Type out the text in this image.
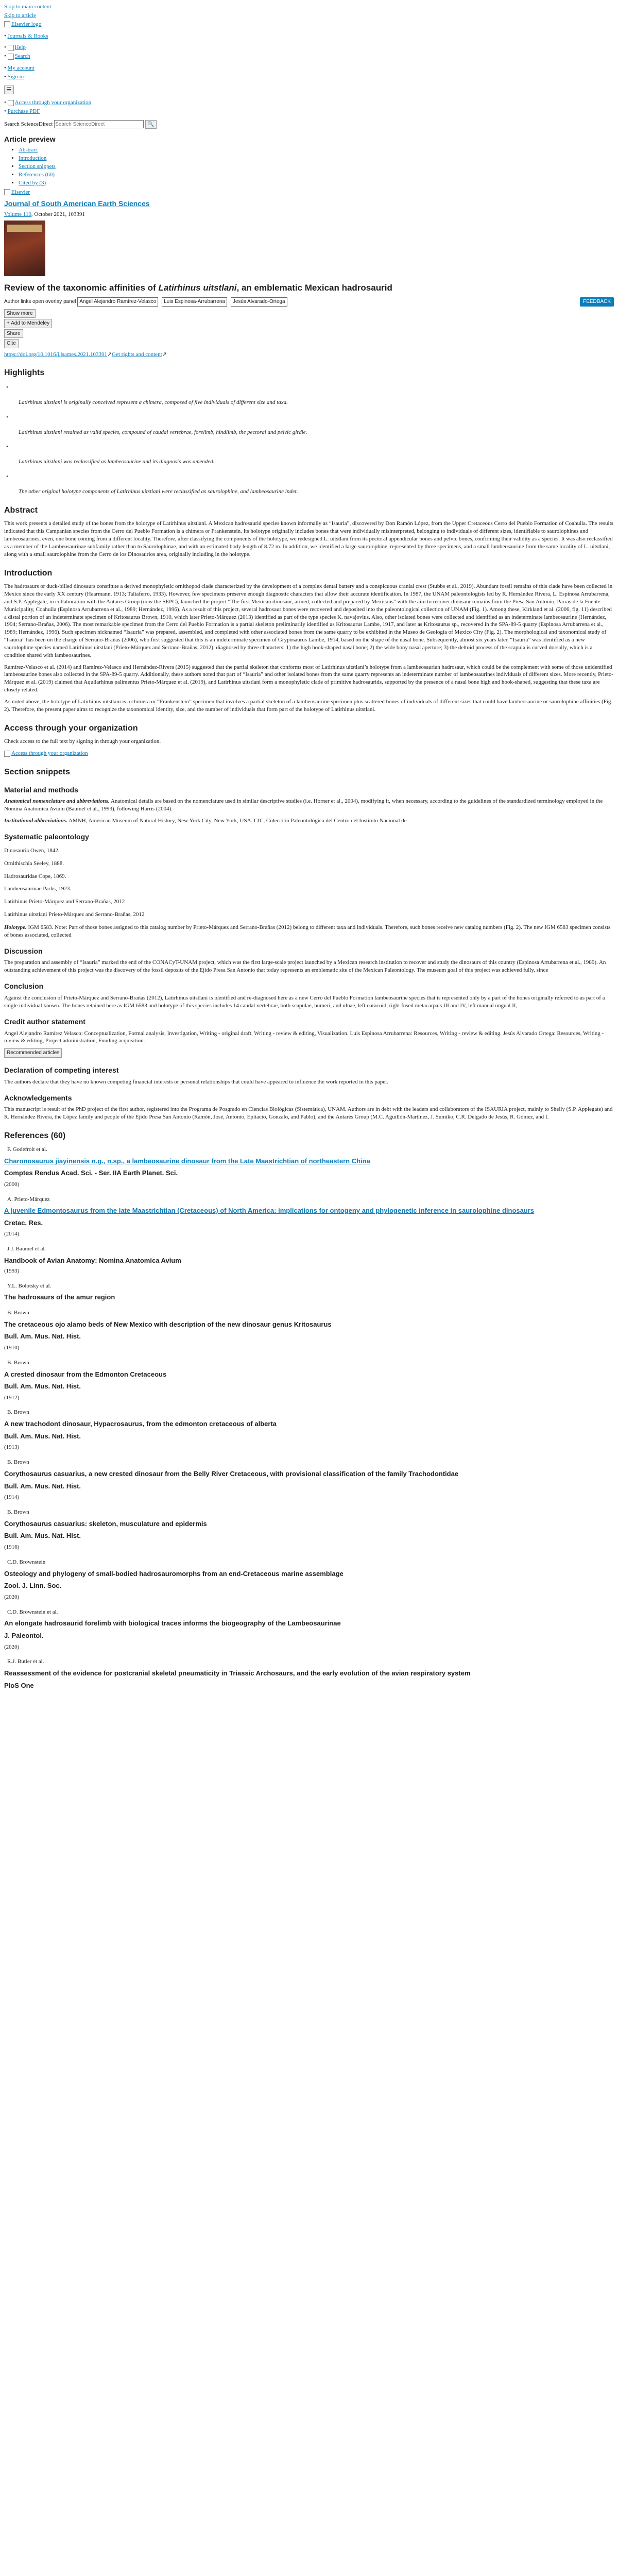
Skip to main content
Skip to article
Elsevier logo
• Journals & Books
• Help
• Search
• My account
• Sign in
☰
• Access through your organization
• Purchase PDF
Search ScienceDirect Search ScienceDirect	🔍
Article preview
• Abstract
• Introduction
• Section snippets
• References (60)
• Cited by (3)
Elsevier
Journal of South American Earth Sciences
Volume 110, October 2021, 103391
Review of the taxonomic affinities of Latirhinus uitstlani, an emblematic Mexican hadrosaurid
Author links open overlay panel Angel Alejandro Ramírez-Velasco Luis Espinosa-Arrubarrena Jesús Alvarado-Ortega	FEEDBACK
Show more
+ Add to Mendeley
Share
Cite
https://doi.org/10.1016/j.jsames.2021.103391↗Get rights and content↗
Highlights
•
Latirhinus uitstlani is originally conceived represent a chimera, composed of five individuals of different size and taxa.
•
Latirhinus uitstlani retained as valid species, compound of caudal vertebrae, forelimb, hindlimb, the pectoral and pelvic girdle.
•
Latirhinus uitstlani was reclassified as lambeosaurine and its diagnosis was amended.
•
The other original holotype components of Latirhinus uitstlani were reclassified as saurolophine, and lambeosaurine indet.
Abstract

This work presents a detailed study of the bones from the holotype of Latirhinus uitstlani. A Mexican hadrosaurid species known informally as “Isauria”, discovered by Don Ramón López, from the Upper Cretaceous Cerro del Pueblo Formation of Coahuila. The results indicated that this Campanian species from the Cerro del Pueblo Formation is a chimera or Frankenstein. Its holotype originally includes bones that were individually misinterpreted, belonging to individuals of different sizes, identifiable to saurolophines and lambeosaurines, even, one bone coming from a different locality. Therefore, after classifying the components of the holotype, we redesigned L. uitstlani from its pectoral appendicular bones and pelvic bones, confirming their validity as a species. It was also reclassified as a member of the Lambeosaurinae subfamily rather than to Saurolophinae, and with an estimated body length of 8.72 m. In addition, we identified a large saurolophine, represented by three specimens, and a small lambeosaurine from the same locality of L. uitstlani, along with a small saurolophine from the Cerro de los Dinosaurios area, originally including in the holotype.

Introduction

The hadrosaurs or duck-billed dinosaurs constitute a derived monophyletic ornithopod clade characterized by the development of a complex dental battery and a conspicuous cranial crest (Stubbs et al., 2019). Abundant fossil remains of this clade have been collected in Mexico since the early XX century (Haarmann, 1913; Taliaferro, 1933). However, few specimens preserve enough diagnostic characters that allow their accurate identification. In 1987, the UNAM paleontologists led by R. Hernández Rivera, L. Espinosa Arrubarrena, and S.P. Applegate, in collaboration with the Antares Group (now the SEPC), launched the project “The first Mexican dinosaur, armed, collected and prepared by Mexicans” with the aim to recover dinosaur remains from the Presa San Antonio, Parras de la Fuente Municipality, Coahuila (Espinosa Arrubarrena et al., 1989; Hernández, 1996). As a result of this project, several hadrosaur bones were recovered and deposited into the paleontological collection of UNAM (Fig. 1). Among these, Kirkland et al. (2006, fig. 11) described a distal portion of an indeterminate specimen of Kritosaurus Brown, 1910, which later Prieto-Márquez (2013) identified as part of the type species K. navajovius. Also, other isolated bones were collected and identified as an indeterminate lambeosaurine (Hernández, 1994; Serrano-Brañas, 2006). The most remarkable specimen from the Cerro del Pueblo Formation is a partial skeleton preliminarily identified as Kritosaurus Lambe, 1917, and later as Kritosaurus sp., recovered in the SPA-89-5 quarry (Espinosa Arrubarrena et al., 1989; Hernández, 1996). Such specimen nicknamed “Isauria” was prepared, assembled, and completed with other associated bones from the same quarry to be exhibited in the Museo de Geología of Mexico City (Fig. 2). The morphological and taxonomical study of “Isauria” has been on the charge of Serrano-Brañas (2006), who first suggested that this is an indeterminate specimen of Gryposaurus Lambe, 1914, based on the shape of the nasal bone. Subsequently, almost six years later, “Isauria” was identified as a new saurolophine species named Latirhinus uitstlani (Prieto-Márquez and Serrano-Brañas, 2012), diagnosed by three characters: 1) the high hook-shaped nasal bone; 2) the wide bony nasal aperture; 3) the deltoid process of the scapula is curved dorsally, which is a condition shared with lambeosaurines.

Ramírez-Velasco et al. (2014) and Ramírez-Velasco and Hernández-Rivera (2015) suggested that the partial skeleton that conforms most of Latirhinus uitstlani’s holotype from a lambeosaurian hadrosaur, which could be the complement with some of those unidentified lambeosaurine bones also collected in the SPA-89-5 quarry. Additionally, these authors noted that part of “Isauria” and other isolated bones from the same quarry represents an indeterminate number of lambeosaurines individuals of different sizes. More recently, Prieto-Márquez et al. (2019) claimed that Aquilarhinus palimentus Prieto-Márquez et al. (2019), and Latirhinus uitstlani form a monophyletic clade of primitive hadrosaurids, supported by the presence of a nasal bone high and hook-shaped, suggesting that these taxa are closely related.

As noted above, the holotype of Latirhinus uitstlani is a chimera or “Frankenstein” specimen that involves a partial skeleton of a lambeosaurine specimen plus scattered bones of individuals of different sizes that could have lambeosaurine or saurolophine affinities (Fig. 2). Therefore, the present paper aims to recognize the taxonomical identity, size, and the number of individuals that form part of the holotype of Latirhinus uitstlani.

Access through your organization

Check access to the full text by signing in through your organization.

Access through your organization
Section snippets
Material and methods

Anatomical nomenclature and abbreviations. Anatomical details are based on the nomenclature used in similar descriptive studies (i.e. Horner et al., 2004), modifying it, when necessary, according to the guidelines of the standardized terminology employed in the Nomina Anatomica Avium (Baumel et al., 1993), following Harris (2004).

Institutional abbreviations. AMNH, American Museum of Natural History, New York City, New York, USA. CIC, Colección Paleontológica del Centro del Instituto Nacional de

Systematic paleontology
Dinosauria Owen, 1842.
Ornithischia Seeley, 1888.
Hadrosauridae Cope, 1869.
Lambeosaurinae Parks, 1923.
Latirhinus Prieto-Márquez and Serrano-Brañas, 2012
Latirhinus uitstlani Prieto-Márquez and Serrano-Brañas, 2012

Holotype. IGM 6583. Note: Part of those bones assigned to this catalog number by Prieto-Márquez and Serrano-Brañas (2012) belong to different taxa and individuals. Therefore, such bones receive new catalog numbers (Fig. 2). The new IGM 6583 specimen consists of bones associated, collected

Discussion

The preparation and assembly of “Isauria” marked the end of the CONACyT-UNAM project, which was the first large-scale project launched by a Mexican research institution to recover and study the dinosaurs of this country (Espinosa Arrubarrena et al., 1989). An outstanding achievement of this project was the discovery of the fossil deposits of the Ejido Presa San Antonio that today represents an emblematic site of the Mexican Paleontology. The museum goal of this project was achieved fully, since

Conclusion

Against the conclusion of Prieto-Márquez and Serrano-Brañas (2012), Latirhinus uitstlani is identified and re-diagnosed here as a new Cerro del Pueblo Formation lambeosaurine species that is represented only by a part of the bones originally referred to as part of a single individual known. The bones retained here as IGM 6583 and holotype of this species includes 14 caudal vertebrae, both scapulae, humeri, and ulnae, left coracoid, right fused metacarpals III and IV, left manual ungual II,

Credit author statement

Angel Alejandro Ramírez Velasco: Conceptualization, Formal analysis, Investigation, Writing - original draft, Writing - review & editing, Visualization. Luis Espinosa Arrubarrena: Resources, Writing - review & editing. Jesús Alvarado Ortega: Resources, Writing - review & editing, Project administration, Funding acquisition.

Recommended articles
Declaration of competing interest

The authors declare that they have no known competing financial interests or personal relationships that could have appeared to influence the work reported in this paper.

Acknowledgements

This manuscript is result of the PhD project of the first author, registered into the Programa de Posgrado en Ciencias Biológicas (Sistemática), UNAM. Authors are in debt with the leaders and collaborators of the ISAURIA project, mainly to Shelly (S.P. Applegate) and R. Hernández Rivera, the López family and people of the Ejido Presa San Antonio (Ramón, José, Antonio, Epitacio, Gonzalo, and Pablo), and the Antares Group (M.C. Aguillón-Martínez, J. Sumiko, C.R. Delgado de Jesús, R. Gómez, and I.

References (60)
F. Godefroit et al.
Charonosaurus jiayinensis n.g., n.sp., a lambeosaurine dinosaur from the Late Maastrichtian of northeastern China
Comptes Rendus Acad. Sci. - Ser. IIA Earth Planet. Sci.
(2000)
A. Prieto-Márquez
A juvenile Edmontosaurus from the late Maastrichtian (Cretaceous) of North America: implications for ontogeny and phylogenetic inference in saurolophine dinosaurs
Cretac. Res.
(2014)
J.J. Baumel et al.
Handbook of Avian Anatomy: Nomina Anatomica Avium
(1993)
Y.L. Bolotsky et al.
The hadrosaurs of the amur region
B. Brown
The cretaceous ojo alamo beds of New Mexico with description of the new dinosaur genus Kritosaurus
Bull. Am. Mus. Nat. Hist.
(1910)
B. Brown
A crested dinosaur from the Edmonton Cretaceous
Bull. Am. Mus. Nat. Hist.
(1912)
B. Brown
A new trachodont dinosaur, Hypacrosaurus, from the edmonton cretaceous of alberta
Bull. Am. Mus. Nat. Hist.
(1913)
B. Brown
Corythosaurus casuarius, a new crested dinosaur from the Belly River Cretaceous, with provisional classification of the family Trachodontidae
Bull. Am. Mus. Nat. Hist.
(1914)
B. Brown
Corythosaurus casuarius: skeleton, musculature and epidermis
Bull. Am. Mus. Nat. Hist.
(1916)
C.D. Brownstein
Osteology and phylogeny of small-bodied hadrosauromorphs from an end-Cretaceous marine assemblage
Zool. J. Linn. Soc.
(2020)
C.D. Brownstein et al.
An elongate hadrosaurid forelimb with biological traces informs the biogeography of the Lambeosaurinae
J. Paleontol.
(2020)
R.J. Butler et al.
Reassessment of the evidence for postcranial skeletal pneumaticity in Triassic Archosaurs, and the early evolution of the avian respiratory system
PloS One
